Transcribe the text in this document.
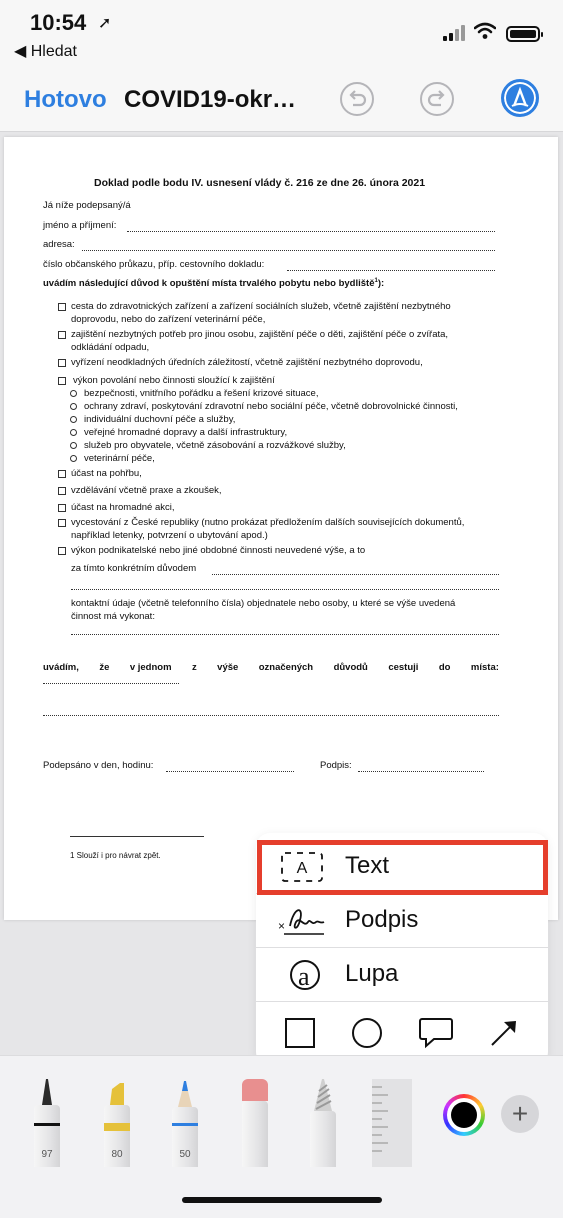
10:54 ➚
◀ Hledat
Hotovo COVID19-okr…
Doklad podle bodu IV. usnesení vlády č. 216 ze dne 26. února 2021
Já níže podepsaný/á
jméno a příjmení:
adresa:
číslo občanského průkazu, příp. cestovního dokladu:
uvádím následující důvod k opuštění místa trvalého pobytu nebo bydliště$^1$):
cesta do zdravotnických zařízení a zařízení sociálních služeb, včetně zajištění nezbytného
doprovodu, nebo do zařízení veterinární péče,
zajištění nezbytných potřeb pro jinou osobu, zajištění péče o děti, zajištění péče o zvířata,
odkládání odpadu,
vyřízení neodkladných úředních záležitostí, včetně zajištění nezbytného doprovodu,
výkon povolání nebo činnosti sloužící k zajištění
bezpečnosti, vnitřního pořádku a řešení krizové situace,
ochrany zdraví, poskytování zdravotní nebo sociální péče, včetně dobrovolnické činnosti,
individuální duchovní péče a služby,
veřejné hromadné dopravy a další infrastruktury,
služeb pro obyvatele, včetně zásobování a rozvážkové služby,
veterinární péče,
účast na pohřbu,
vzdělávání včetně praxe a zkoušek,
účast na hromadné akci,
vycestování z České republiky (nutno prokázat předložením dalších souvisejících dokumentů,
například letenky, potvrzení o ubytování apod.)
výkon podnikatelské nebo jiné obdobné činnosti neuvedené výše, a to
za tímto konkrétním důvodem
kontaktní údaje (včetně telefonního čísla) objednatele nebo osoby, u které se výše uvedená
činnost má vykonat:
uvádím, že v jednom z výše označených důvodů cestuji do místa:
Podepsáno v den, hodinu:	Podpis:
1 Slouží i pro návrat zpět.
A Text
× Podpis
a Lupa
97	80	50
+
